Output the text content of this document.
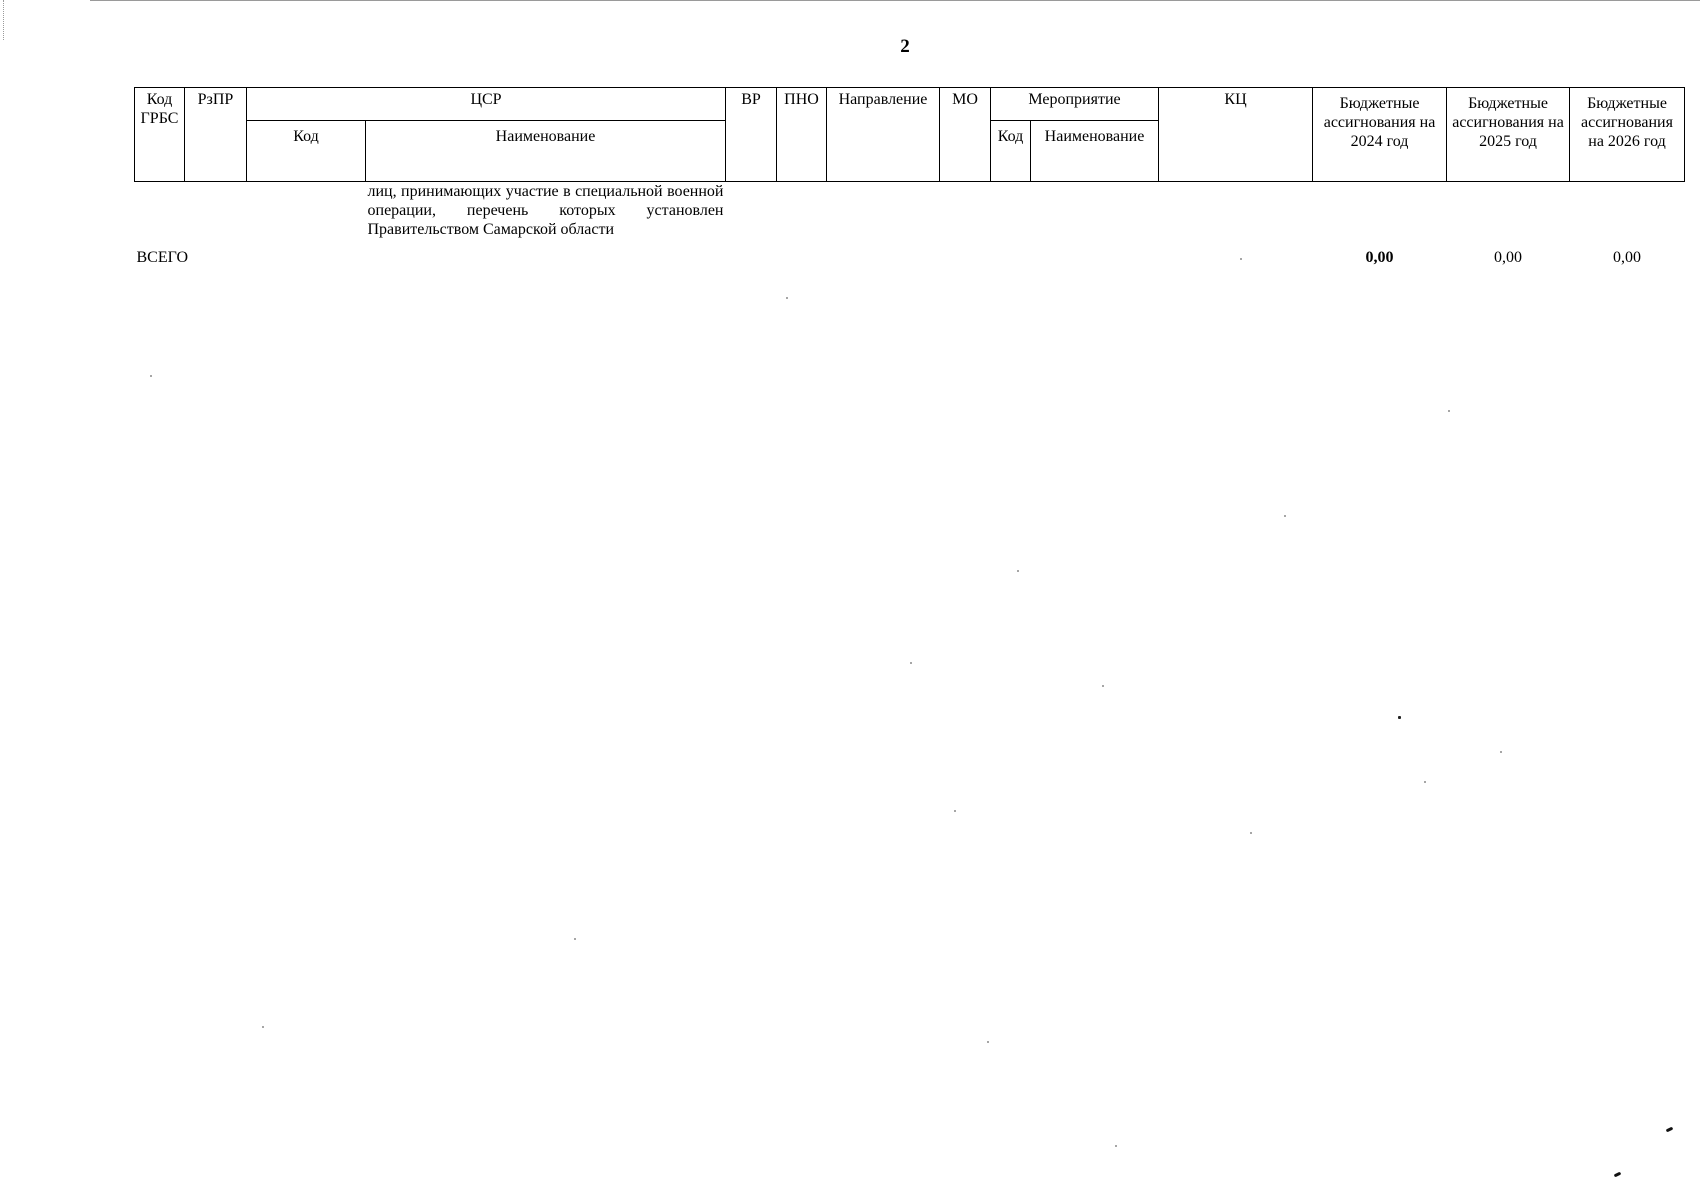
2
Код ГРБС	РзПР	ЦСР		ВР	ПНО	Направление	МО	Мероприятие		КЦ	Бюджетные ассигнования на 2024 год	Бюджетные ассигнования на 2025 год	Бюджетные ассигнования на 2026 год
		Код	Наименование					Код	Наименование				
			лиц, принимающих участие в специальной военной операции, перечень которых установлен Правительством Самарской области										
ВСЕГО											0,00	0,00	0,00
